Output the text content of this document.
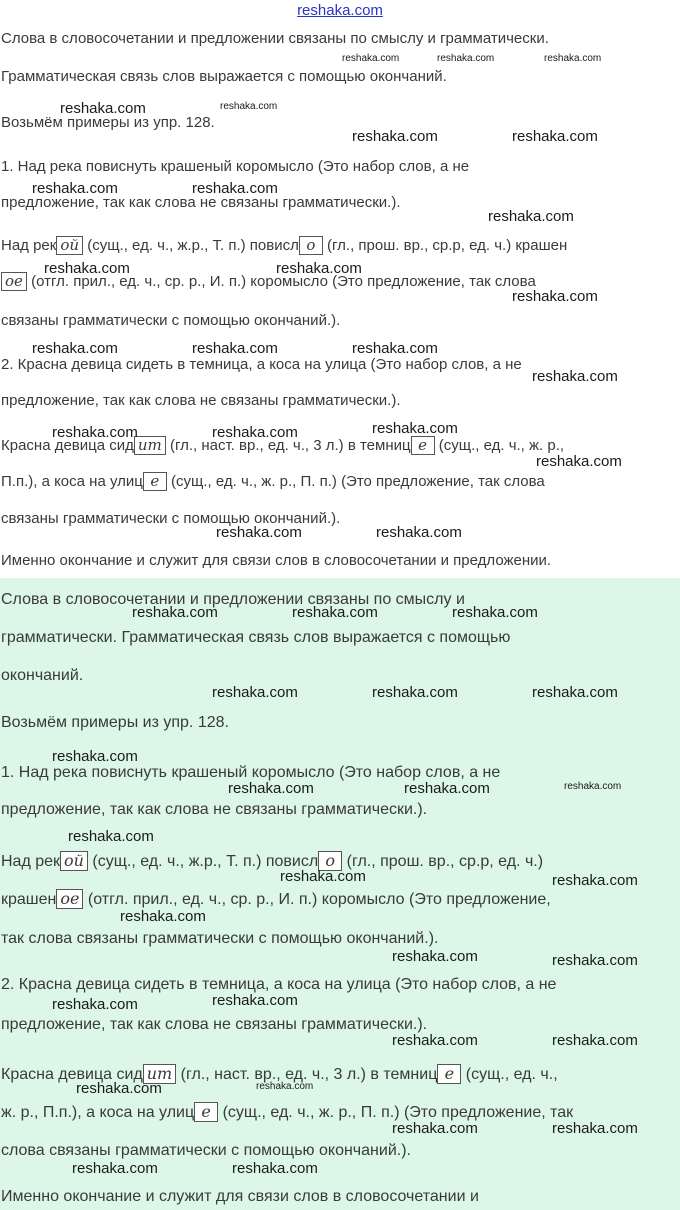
reshaka.com

Слова в словосочетании и предложении связаны по смыслу и грамматически.

Грамматическая связь слов выражается с помощью окончаний.

Возьмём примеры из упр. 128.

1. Над река повиснуть крашеный коромысло (Это набор слов, а не

предложение, так как слова не связаны грамматически.).

Над рек ой (сущ., ед. ч., ж.р., Т. п.) повисл о (гл., прош. вр., ср.р, ед. ч.) крашен

ое (отгл. прил., ед. ч., ср. р., И. п.) коромысло (Это предложение, так слова

связаны грамматически с помощью окончаний.).

2. Красна девица сидеть в темница, а коса на улица (Это набор слов, а не

предложение, так как слова не связаны грамматически.).

Красна девица сид ит (гл., наст. вр., ед. ч., 3 л.) в темниц е (сущ., ед. ч., ж. р.,

П.п.), а коса на улиц е (сущ., ед. ч., ж. р., П. п.) (Это предложение, так слова

связаны грамматически с помощью окончаний.).

Именно окончание и служит для связи слов в словосочетании и предложении.

reshaka.com	reshaka.com	reshaka.com
reshaka.com	reshaka.com
reshaka.com	reshaka.com
reshaka.com	reshaka.com
reshaka.com
reshaka.com	reshaka.com
reshaka.com
reshaka.com	reshaka.com	reshaka.com
reshaka.com
reshaka.com
reshaka.com	reshaka.com
reshaka.com
reshaka.com	reshaka.com

Слова в словосочетании и предложении связаны по смыслу и

грамматически. Грамматическая связь слов выражается с помощью

окончаний.

Возьмём примеры из упр. 128.

1. Над река повиснуть крашеный коромысло (Это набор слов, а не

предложение, так как слова не связаны грамматически.).

Над рек ой (сущ., ед. ч., ж.р., Т. п.) повисл о (гл., прош. вр., ср.р, ед. ч.)

крашен ое (отгл. прил., ед. ч., ср. р., И. п.) коромысло (Это предложение,

так слова связаны грамматически с помощью окончаний.).

2. Красна девица сидеть в темница, а коса на улица (Это набор слов, а не

предложение, так как слова не связаны грамматически.).

Красна девица сид ит (гл., наст. вр., ед. ч., 3 л.) в темниц е (сущ., ед. ч.,

ж. р., П.п.), а коса на улиц е (сущ., ед. ч., ж. р., П. п.) (Это предложение, так

слова связаны грамматически с помощью окончаний.).

Именно окончание и служит для связи слов в словосочетании и

reshaka.com	reshaka.com	reshaka.com
reshaka.com	reshaka.com	reshaka.com
reshaka.com
reshaka.com	reshaka.com	reshaka.com
reshaka.com
reshaka.com	reshaka.com
reshaka.com
reshaka.com	reshaka.com
reshaka.com
reshaka.com
reshaka.com	reshaka.com
reshaka.com
reshaka.com
reshaka.com	reshaka.com
reshaka.com	reshaka.com
